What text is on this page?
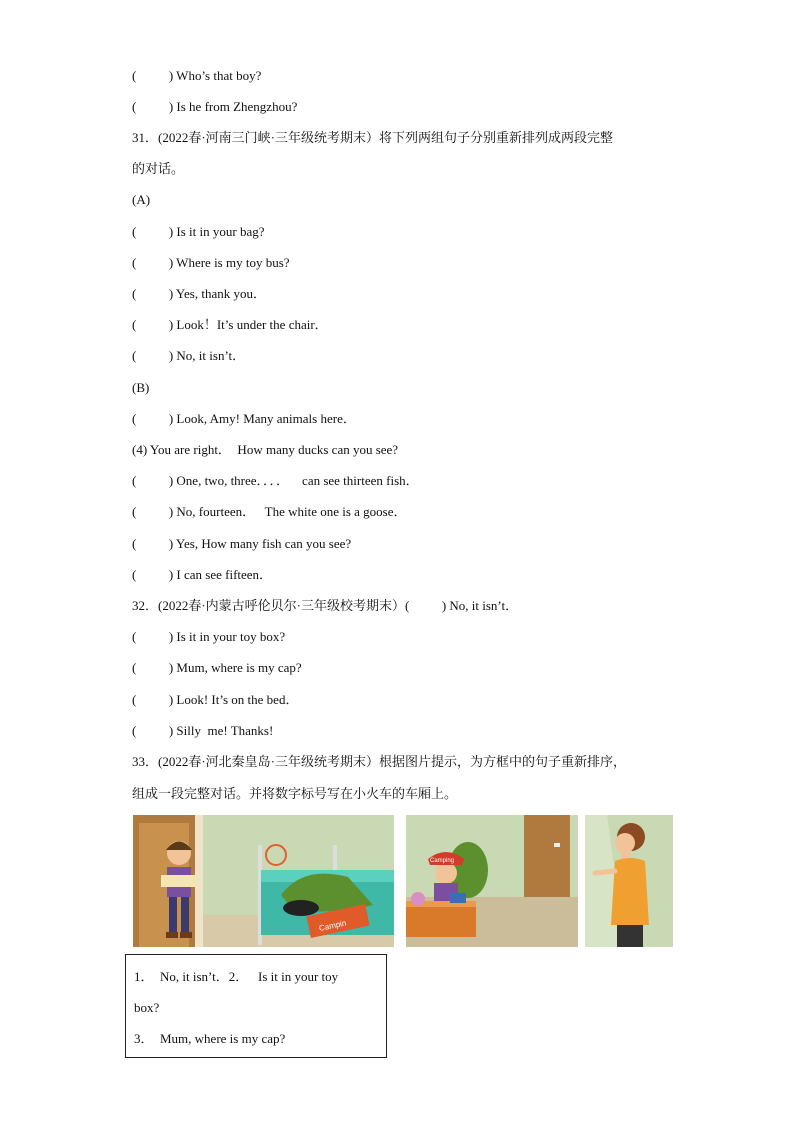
(          ) Who’s that boy?
(          ) Is he from Zhengzhou?
31．(2022春·河南三门峡·三年级统考期末）将下列两组句子分别重新排列成两段完整
的对话。
(A)
(          ) Is it in your bag?
(          ) Where is my toy bus?
(          ) Yes, thank you．
(          ) Look！It’s under the chair．
(          ) No, it isn’t．
(B)
(          ) Look, Amy! Many animals here．
(4) You are right．  How many ducks can you see?
(          ) One, two, three．．．．    can see thirteen fish．
(          ) No, fourteen．   The white one is a goose．
(          ) Yes, How many fish can you see?
(          ) I can see fifteen．
32．(2022春·内蒙古呼伦贝尔·三年级校考期末）(          ) No, it isn’t．
(          ) Is it in your toy box?
(          ) Mum, where is my cap?
(          ) Look! It’s on the bed．
(          ) Silly  me! Thanks!
33．(2022春·河北秦皇岛·三年级统考期末）根据图片提示，为方框中的句子重新排序，
组成一段完整对话。并将数字标号写在小火车的车厢上。
Campin
Camping
1．  No, it isn’t．2．   Is it in your toy
box?
3．  Mum, where is my cap?
